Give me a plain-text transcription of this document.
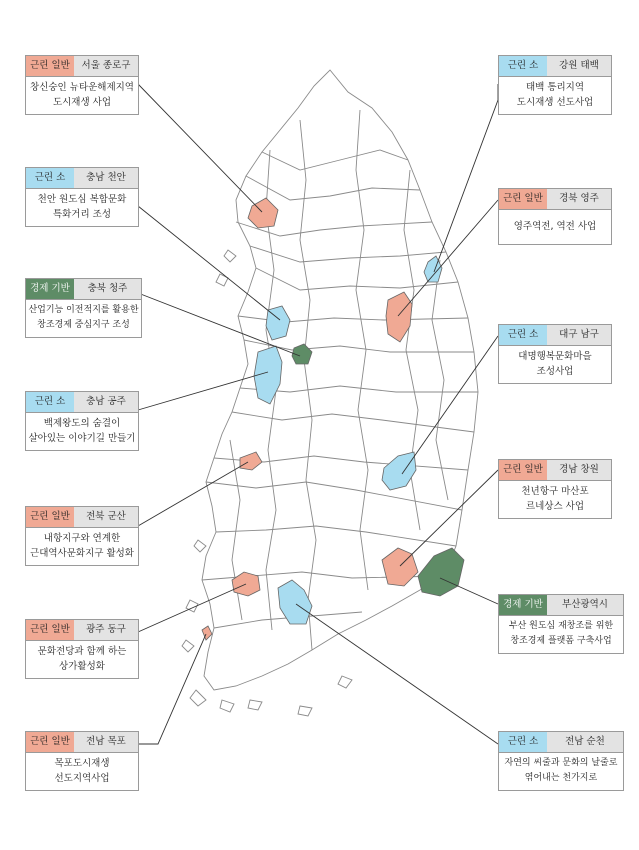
근린 일반	서울 종로구
창신숭인 뉴타운해제지역
도시재생 사업
근린 소	충남 천안
천안 원도심 복합문화
특화거리 조성
경제 기반	충북 청주
산업기능 이전적지를 활용한
창조경제 중심지구 조성
근린 소	충남 공주
백제왕도의 숨결이
살아있는 이야기길 만들기
근린 일반	전북 군산
내항지구와 연계한
근대역사문화지구 활성화
근린 일반	광주 동구
문화전당과 함께 하는
상가활성화
근린 일반	전남 목포
목포도시재생
선도지역사업
근린 소	강원 태백
태백 통리지역
도시재생 선도사업
근린 일반	경북 영주
영주역전, 역전 사업
근린 소	대구 남구
대명행복문화마을
조성사업
근린 일반	경남 창원
천년항구 마산포
르네상스 사업
경제 기반	부산광역시
부산 원도심 재창조를 위한
창조경제 플랫폼 구축사업
근린 소	전남 순천
자연의 씨줄과 문화의 날줄로
엮어내는 천가지로
